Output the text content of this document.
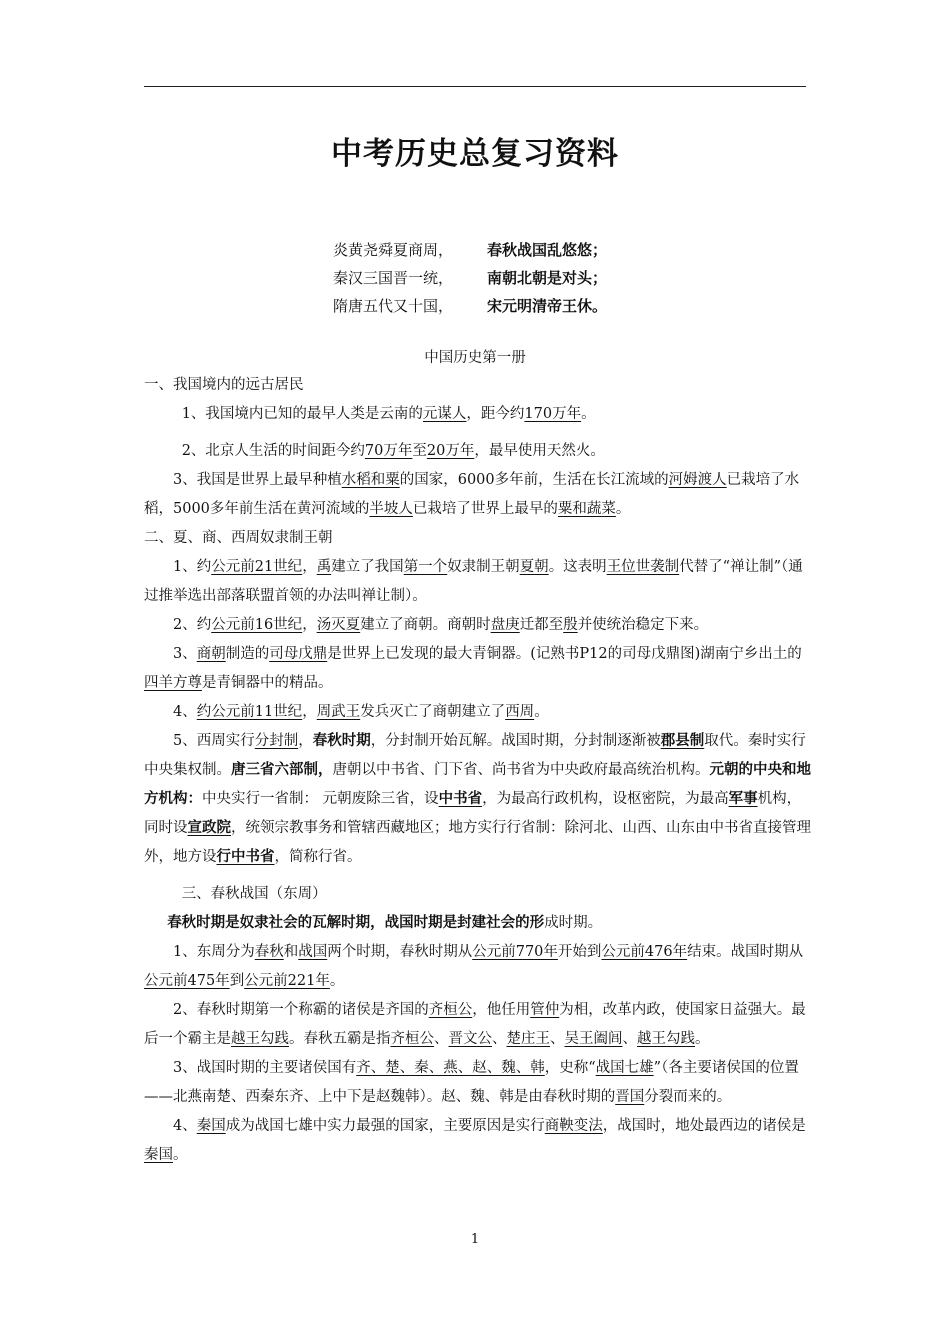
中考历史总复习资料
炎黄尧舜夏商周， 春秋战国乱悠悠；
秦汉三国晋一统， 南朝北朝是对头；
隋唐五代又十国， 宋元明清帝王休。
中国历史第一册

一、我国境内的远古居民

1、我国境内已知的最早人类是云南的元谋人，距今约170万年。

2、北京人生活的时间距今约70万年至20万年，最早使用天然火。

3、我国是世界上最早种植水稻和粟的国家，6000多年前，生活在长江流域的河姆渡人已栽培了水稻，5000多年前生活在黄河流域的半坡人已栽培了世界上最早的粟和蔬菜。

二、夏、商、西周奴隶制王朝

1、约公元前21世纪，禹建立了我国第一个奴隶制王朝夏朝。这表明王位世袭制代替了“禅让制”（通过推举选出部落联盟首领的办法叫禅让制）。

2、约公元前16世纪，汤灭夏建立了商朝。商朝时盘庚迁都至殷并使统治稳定下来。

3、商朝制造的司母戊鼎是世界上已发现的最大青铜器。(记熟书P12的司母戊鼎图)湖南宁乡出土的四羊方尊是青铜器中的精品。

4、约公元前11世纪，周武王发兵灭亡了商朝建立了西周。

5、西周实行分封制，春秋时期，分封制开始瓦解。战国时期，分封制逐渐被郡县制取代。秦时实行中央集权制。唐三省六部制，唐朝以中书省、门下省、尚书省为中央政府最高统治机构。元朝的中央和地方机构：中央实行一省制： 元朝废除三省，设中书省，为最高行政机构，设枢密院，为最高军事机构，同时设宣政院，统领宗教事务和管辖西藏地区；地方实行行省制：除河北、山西、山东由中书省直接管理外，地方设行中书省，简称行省。

三、春秋战国（东周）

春秋时期是奴隶社会的瓦解时期，战国时期是封建社会的形成时期。

1、东周分为春秋和战国两个时期，春秋时期从公元前770年开始到公元前476年结束。战国时期从公元前475年到公元前221年。

2、春秋时期第一个称霸的诸侯是齐国的齐桓公，他任用管仲为相，改革内政，使国家日益强大。最后一个霸主是越王勾践。春秋五霸是指齐桓公、晋文公、楚庄王、吴王阖闾、越王勾践。

3、战国时期的主要诸侯国有齐、楚、秦、燕、赵、魏、韩，史称“战国七雄”（各主要诸侯国的位置——北燕南楚、西秦东齐、上中下是赵魏韩）。赵、魏、韩是由春秋时期的晋国分裂而来的。

4、秦国成为战国七雄中实力最强的国家，主要原因是实行商鞅变法，战国时，地处最西边的诸侯是秦国。

1
